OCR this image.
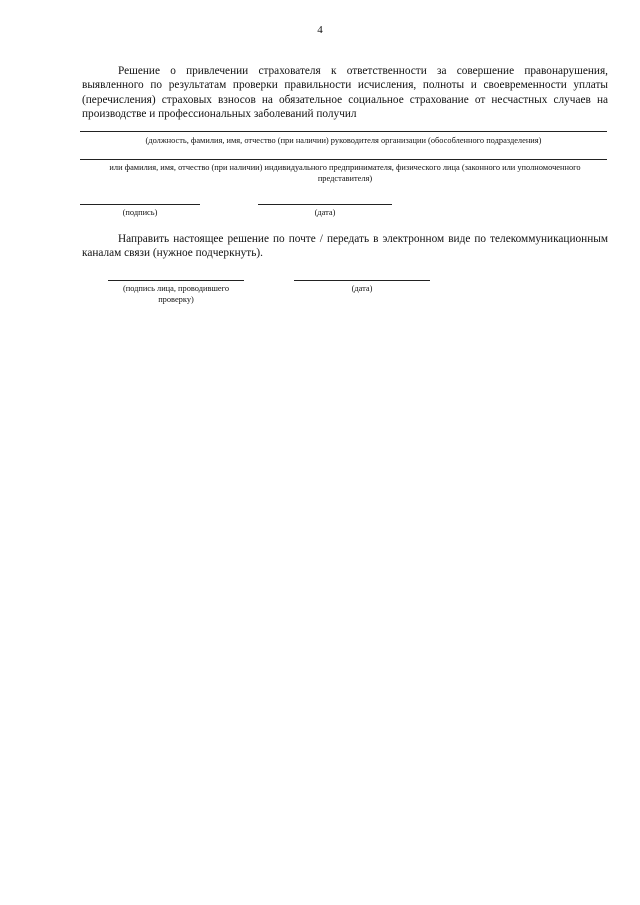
4
Решение о привлечении страхователя к ответственности за совершение правонарушения, выявленного по результатам проверки правильности исчисления, полноты и своевременности уплаты (перечисления) страховых взносов на обязательное социальное страхование от несчастных случаев на производстве и профессиональных заболеваний получил
(должность, фамилия, имя, отчество (при наличии) руководителя организации (обособленного подразделения)
или фамилия, имя, отчество (при наличии) индивидуального предпринимателя, физического лица (законного или уполномоченного представителя)
(подпись)	(дата)
Направить настоящее решение по почте / передать в электронном виде по телекоммуникационным каналам связи (нужное подчеркнуть).
(подпись лица, проводившего проверку)
(дата)
